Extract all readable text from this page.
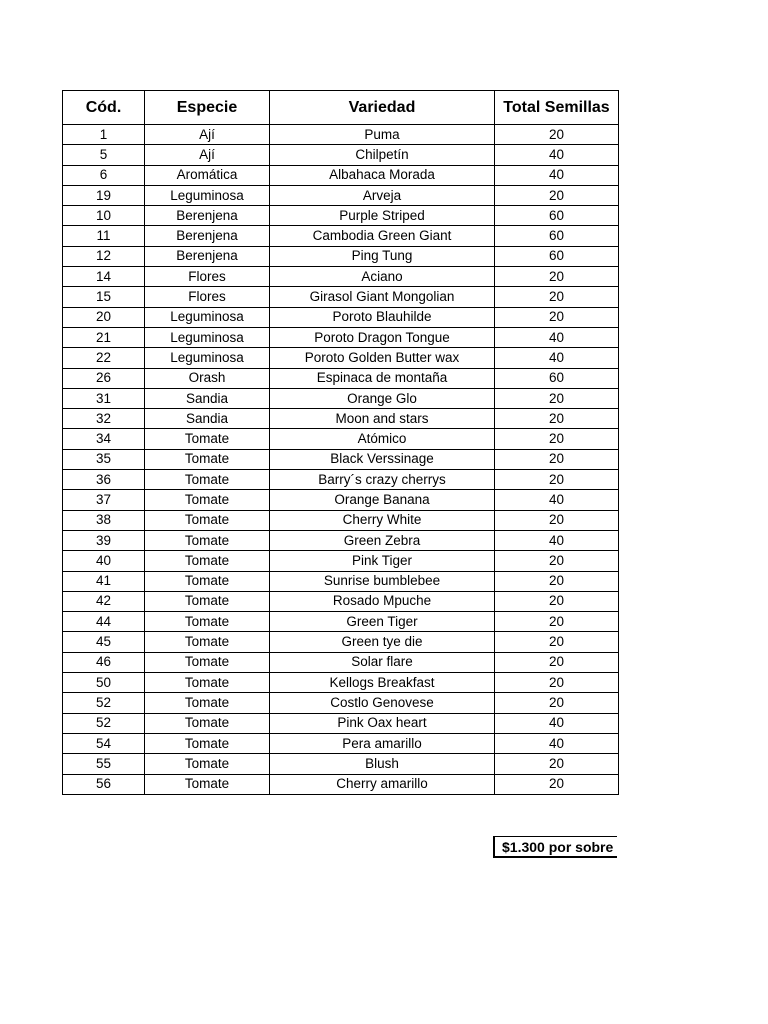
Cód.	Especie	Variedad	Total Semillas
1	Ají	Puma	20
5	Ají	Chilpetín	40
6	Aromática	Albahaca Morada	40
19	Leguminosa	Arveja	20
10	Berenjena	Purple Striped	60
11	Berenjena	Cambodia Green Giant	60
12	Berenjena	Ping Tung	60
14	Flores	Aciano	20
15	Flores	Girasol Giant Mongolian	20
20	Leguminosa	Poroto Blauhilde	20
21	Leguminosa	Poroto Dragon Tongue	40
22	Leguminosa	Poroto Golden Butter wax	40
26	Orash	Espinaca de montaña	60
31	Sandia	Orange Glo	20
32	Sandia	Moon and stars	20
34	Tomate	Atómico	20
35	Tomate	Black Verssinage	20
36	Tomate	Barry´s crazy cherrys	20
37	Tomate	Orange Banana	40
38	Tomate	Cherry White	20
39	Tomate	Green Zebra	40
40	Tomate	Pink Tiger	20
41	Tomate	Sunrise bumblebee	20
42	Tomate	Rosado Mpuche	20
44	Tomate	Green Tiger	20
45	Tomate	Green tye die	20
46	Tomate	Solar flare	20
50	Tomate	Kellogs Breakfast	20
52	Tomate	Costlo Genovese	20
52	Tomate	Pink Oax heart	40
54	Tomate	Pera amarillo	40
55	Tomate	Blush	20
56	Tomate	Cherry amarillo	20
$1.300 por sobre
